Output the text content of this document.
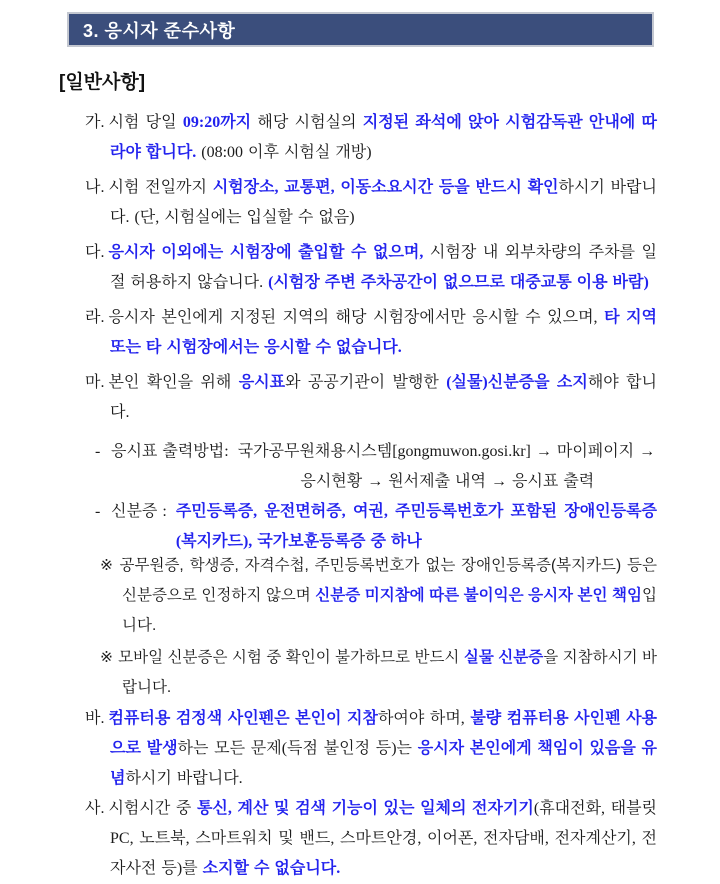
3. 응시자 준수사항
[일반사항]
가. 시험 당일 09:20까지 해당 시험실의 지정된 좌석에 앉아 시험감독관 안내에 따라야 합니다. (08:00 이후 시험실 개방)
나. 시험 전일까지 시험장소, 교통편, 이동소요시간 등을 반드시 확인하시기 바랍니다. (단, 시험실에는 입실할 수 없음)
다. 응시자 이외에는 시험장에 출입할 수 없으며, 시험장 내 외부차량의 주차를 일절 허용하지 않습니다. (시험장 주변 주차공간이 없으므로 대중교통 이용 바람)
라. 응시자 본인에게 지정된 지역의 해당 시험장에서만 응시할 수 있으며, 타 지역 또는 타 시험장에서는 응시할 수 없습니다.
마. 본인 확인을 위해 응시표와 공공기관이 발행한 (실물)신분증을 소지해야 합니다.
- 응시표 출력방법: 국가공무원채용시스템[gongmuwon.gosi.kr] → 마이페이지 →
응시현황 → 원서제출 내역 → 응시표 출력
- 신분증 : 주민등록증, 운전면허증, 여권, 주민등록번호가 포함된 장애인등록증(복지카드), 국가보훈등록증 중 하나
※ 공무원증, 학생증, 자격수첩, 주민등록번호가 없는 장애인등록증(복지카드) 등은 신분증으로 인정하지 않으며 신분증 미지참에 따른 불이익은 응시자 본인 책임입니다.
※ 모바일 신분증은 시험 중 확인이 불가하므로 반드시 실물 신분증을 지참하시기 바랍니다.
바. 컴퓨터용 검정색 사인펜은 본인이 지참하여야 하며, 불량 컴퓨터용 사인펜 사용으로 발생하는 모든 문제(득점 불인정 등)는 응시자 본인에게 책임이 있음을 유념하시기 바랍니다.
사. 시험시간 중 통신, 계산 및 검색 기능이 있는 일체의 전자기기(휴대전화, 태블릿 PC, 노트북, 스마트워치 및 밴드, 스마트안경, 이어폰, 전자담배, 전자계산기, 전자사전 등)를 소지할 수 없습니다.
